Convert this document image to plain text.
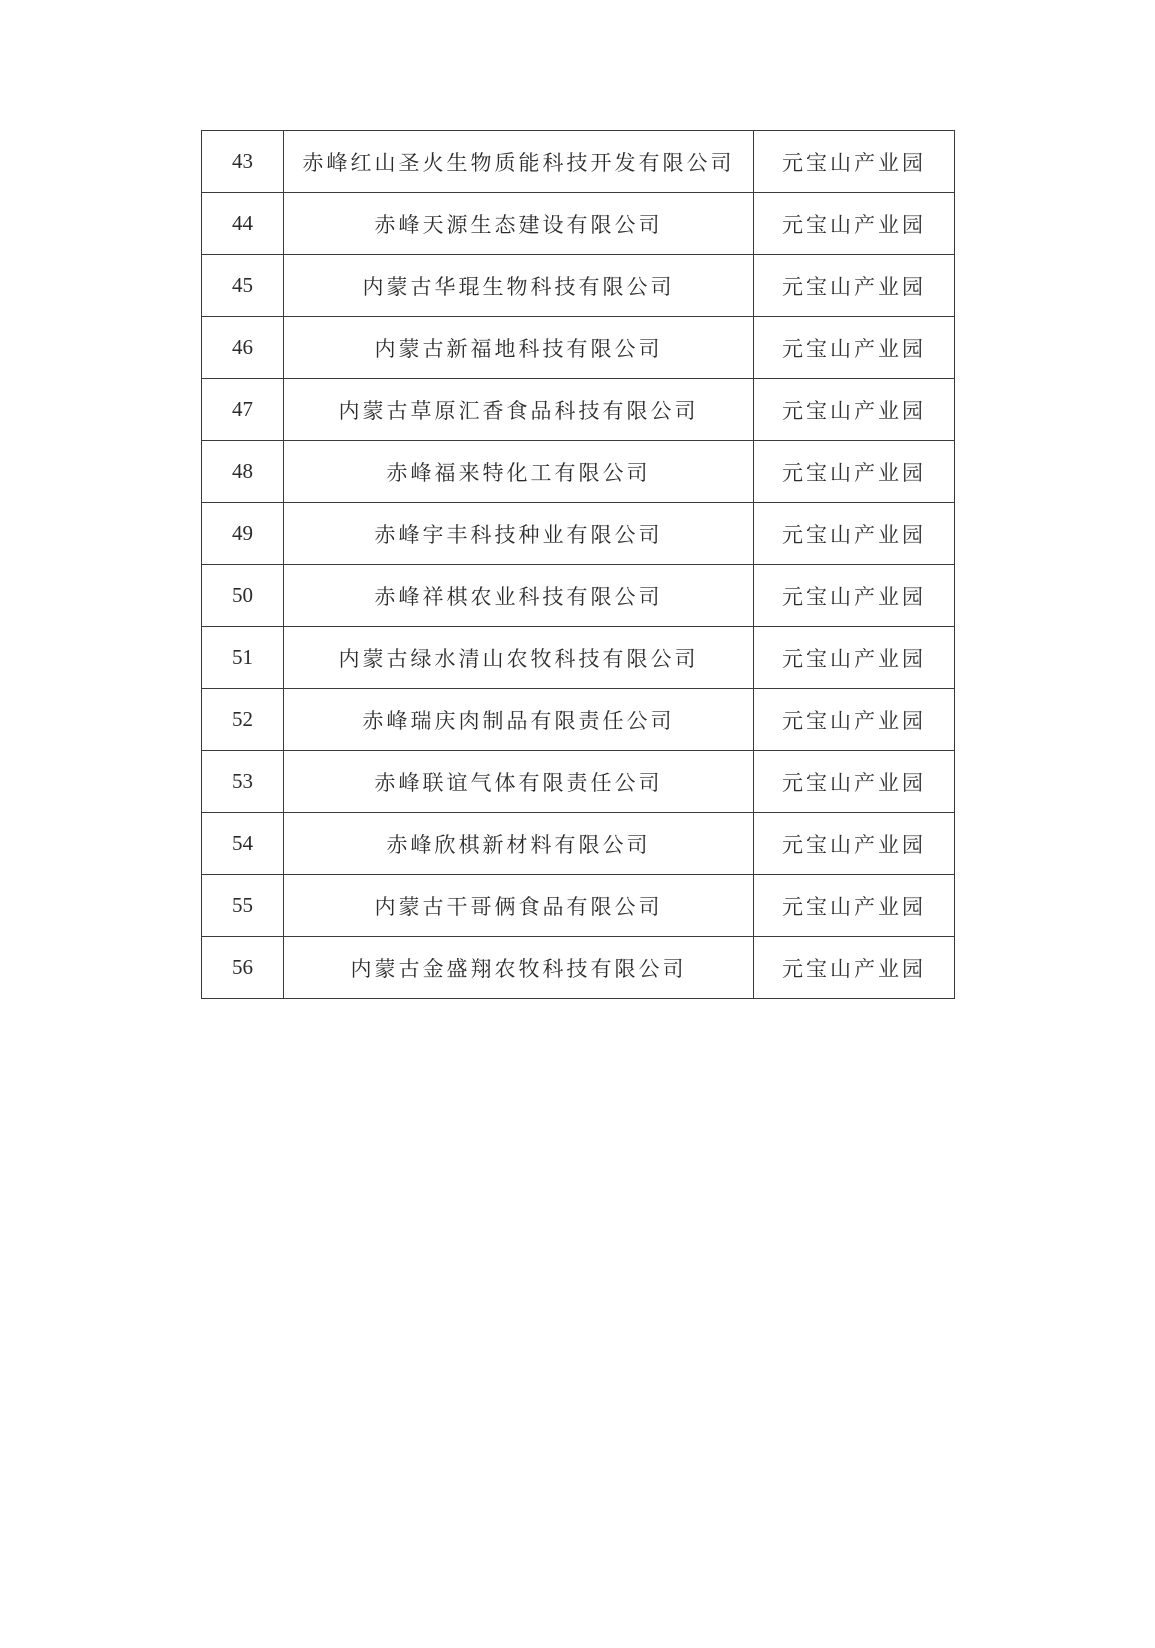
43	赤峰红山圣火生物质能科技开发有限公司	元宝山产业园
44	赤峰天源生态建设有限公司	元宝山产业园
45	内蒙古华琨生物科技有限公司	元宝山产业园
46	内蒙古新福地科技有限公司	元宝山产业园
47	内蒙古草原汇香食品科技有限公司	元宝山产业园
48	赤峰福来特化工有限公司	元宝山产业园
49	赤峰宇丰科技种业有限公司	元宝山产业园
50	赤峰祥棋农业科技有限公司	元宝山产业园
51	内蒙古绿水清山农牧科技有限公司	元宝山产业园
52	赤峰瑞庆肉制品有限责任公司	元宝山产业园
53	赤峰联谊气体有限责任公司	元宝山产业园
54	赤峰欣棋新材料有限公司	元宝山产业园
55	内蒙古干哥俩食品有限公司	元宝山产业园
56	内蒙古金盛翔农牧科技有限公司	元宝山产业园
